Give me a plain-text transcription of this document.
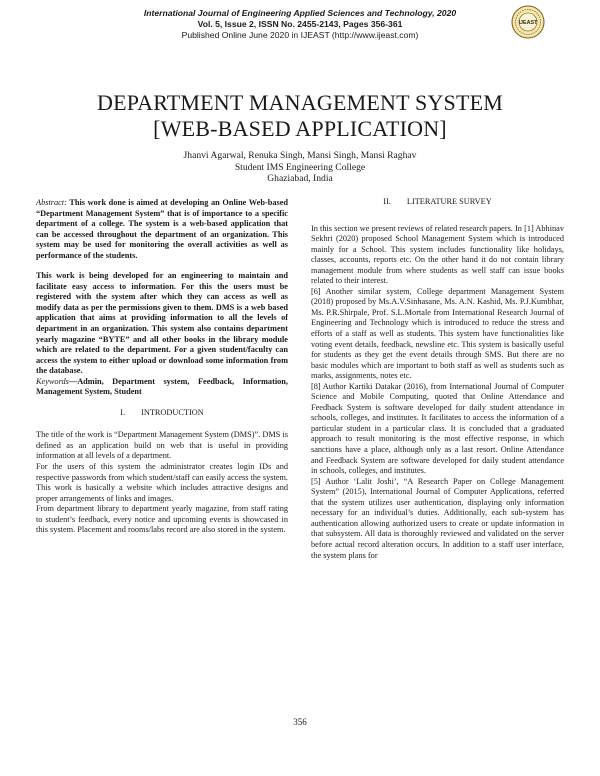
International Journal of Engineering Applied Sciences and Technology, 2020
Vol. 5, Issue 2, ISSN No. 2455-2143, Pages 356-361
Published Online June 2020 in IJEAST (http://www.ijeast.com)
IJEAST
DEPARTMENT MANAGEMENT SYSTEM
[WEB-BASED APPLICATION]
Jhanvi Agarwal, Renuka Singh, Mansi Singh, Mansi Raghav
Student IMS Engineering College
Ghaziabad, India

Abstract: This work done is aimed at developing an Online Web-based “Department Management System” that is of importance to a specific department of a college. The system is a web-based application that can be accessed throughout the department of an organization. This system may be used for monitoring the overall activities as well as performance of the students.

This work is being developed for an engineering to maintain and facilitate easy access to information. For this the users must be registered with the system after which they can access as well as modify data as per the permissions given to them. DMS is a web based application that aims at providing information to all the levels of department in an organization. This system also contains department yearly magazine “BYTE” and all other books in the library module which are related to the department. For a given student/faculty can access the system to either upload or download some information from the database.

Keywords—Admin, Department system, Feedback, Information, Management System, Student

I. INTRODUCTION

The title of the work is “Department Management System (DMS)”. DMS is defined as an application build on web that is useful in providing information at all levels of a department.

For the users of this system the administrator creates login IDs and respective passwords from which student/staff can easily access the system. This work is basically a website which includes attractive designs and proper arrangements of links and images.

From department library to department yearly magazine, from staff rating to student’s feedback, every notice and upcoming events is showcased in this system. Placement and rooms/labs record are also stored in the system.

II. LITERATURE SURVEY

In this section we present reviews of related research papers. In [1] Abhinav Sekhri (2020) proposed School Management System which is introduced mainly for a School. This system includes functionality like holidays, classes, accounts, reports etc. On the other hand it do not contain library management module from where students as well staff can issue books related to their interest.

[6] Another similar system, College department Management System (2018) proposed by Ms.A.V.Sinhasane, Ms. A.N. Kashid, Ms. P.J.Kumbhar, Ms. P.R.Shirpale, Prof. S.L.Mortale from International Research Journal of Engineering and Technology which is introduced to reduce the stress and efforts of a staff as well as students. This system have functionalities like voting event details, feedback, newsline etc. This system is basically useful for students as they get the event details through SMS. But there are no basic modules which are important to both staff as well as students such as marks, assignments, notes etc.

[8] Author Kartiki Datakar (2016), from International Journal of Computer Science and Mobile Computing, quoted that Online Attendance and Feedback System is software developed for daily student attendance in schools, colleges, and institutes. It facilitates to access the information of a particular student in a particular class. It is concluded that a graduated approach to result monitoring is the most effective response, in which sanctions have a place, although only as a last resort. Online Attendance and Feedback System are software developed for daily student attendance in schools, colleges, and institutes.

[5] Author ‘Lalit Joshi’, “A Research Paper on College Management System” (2015), International Journal of Computer Applications, referred that the system utilizes user authentication, displaying only information necessary for an individual’s duties. Additionally, each sub-system has authentication allowing authorized users to create or update information in that subsystem. All data is thoroughly reviewed and validated on the server before actual record alteration occurs. In addition to a staff user interface, the system plans for

356
